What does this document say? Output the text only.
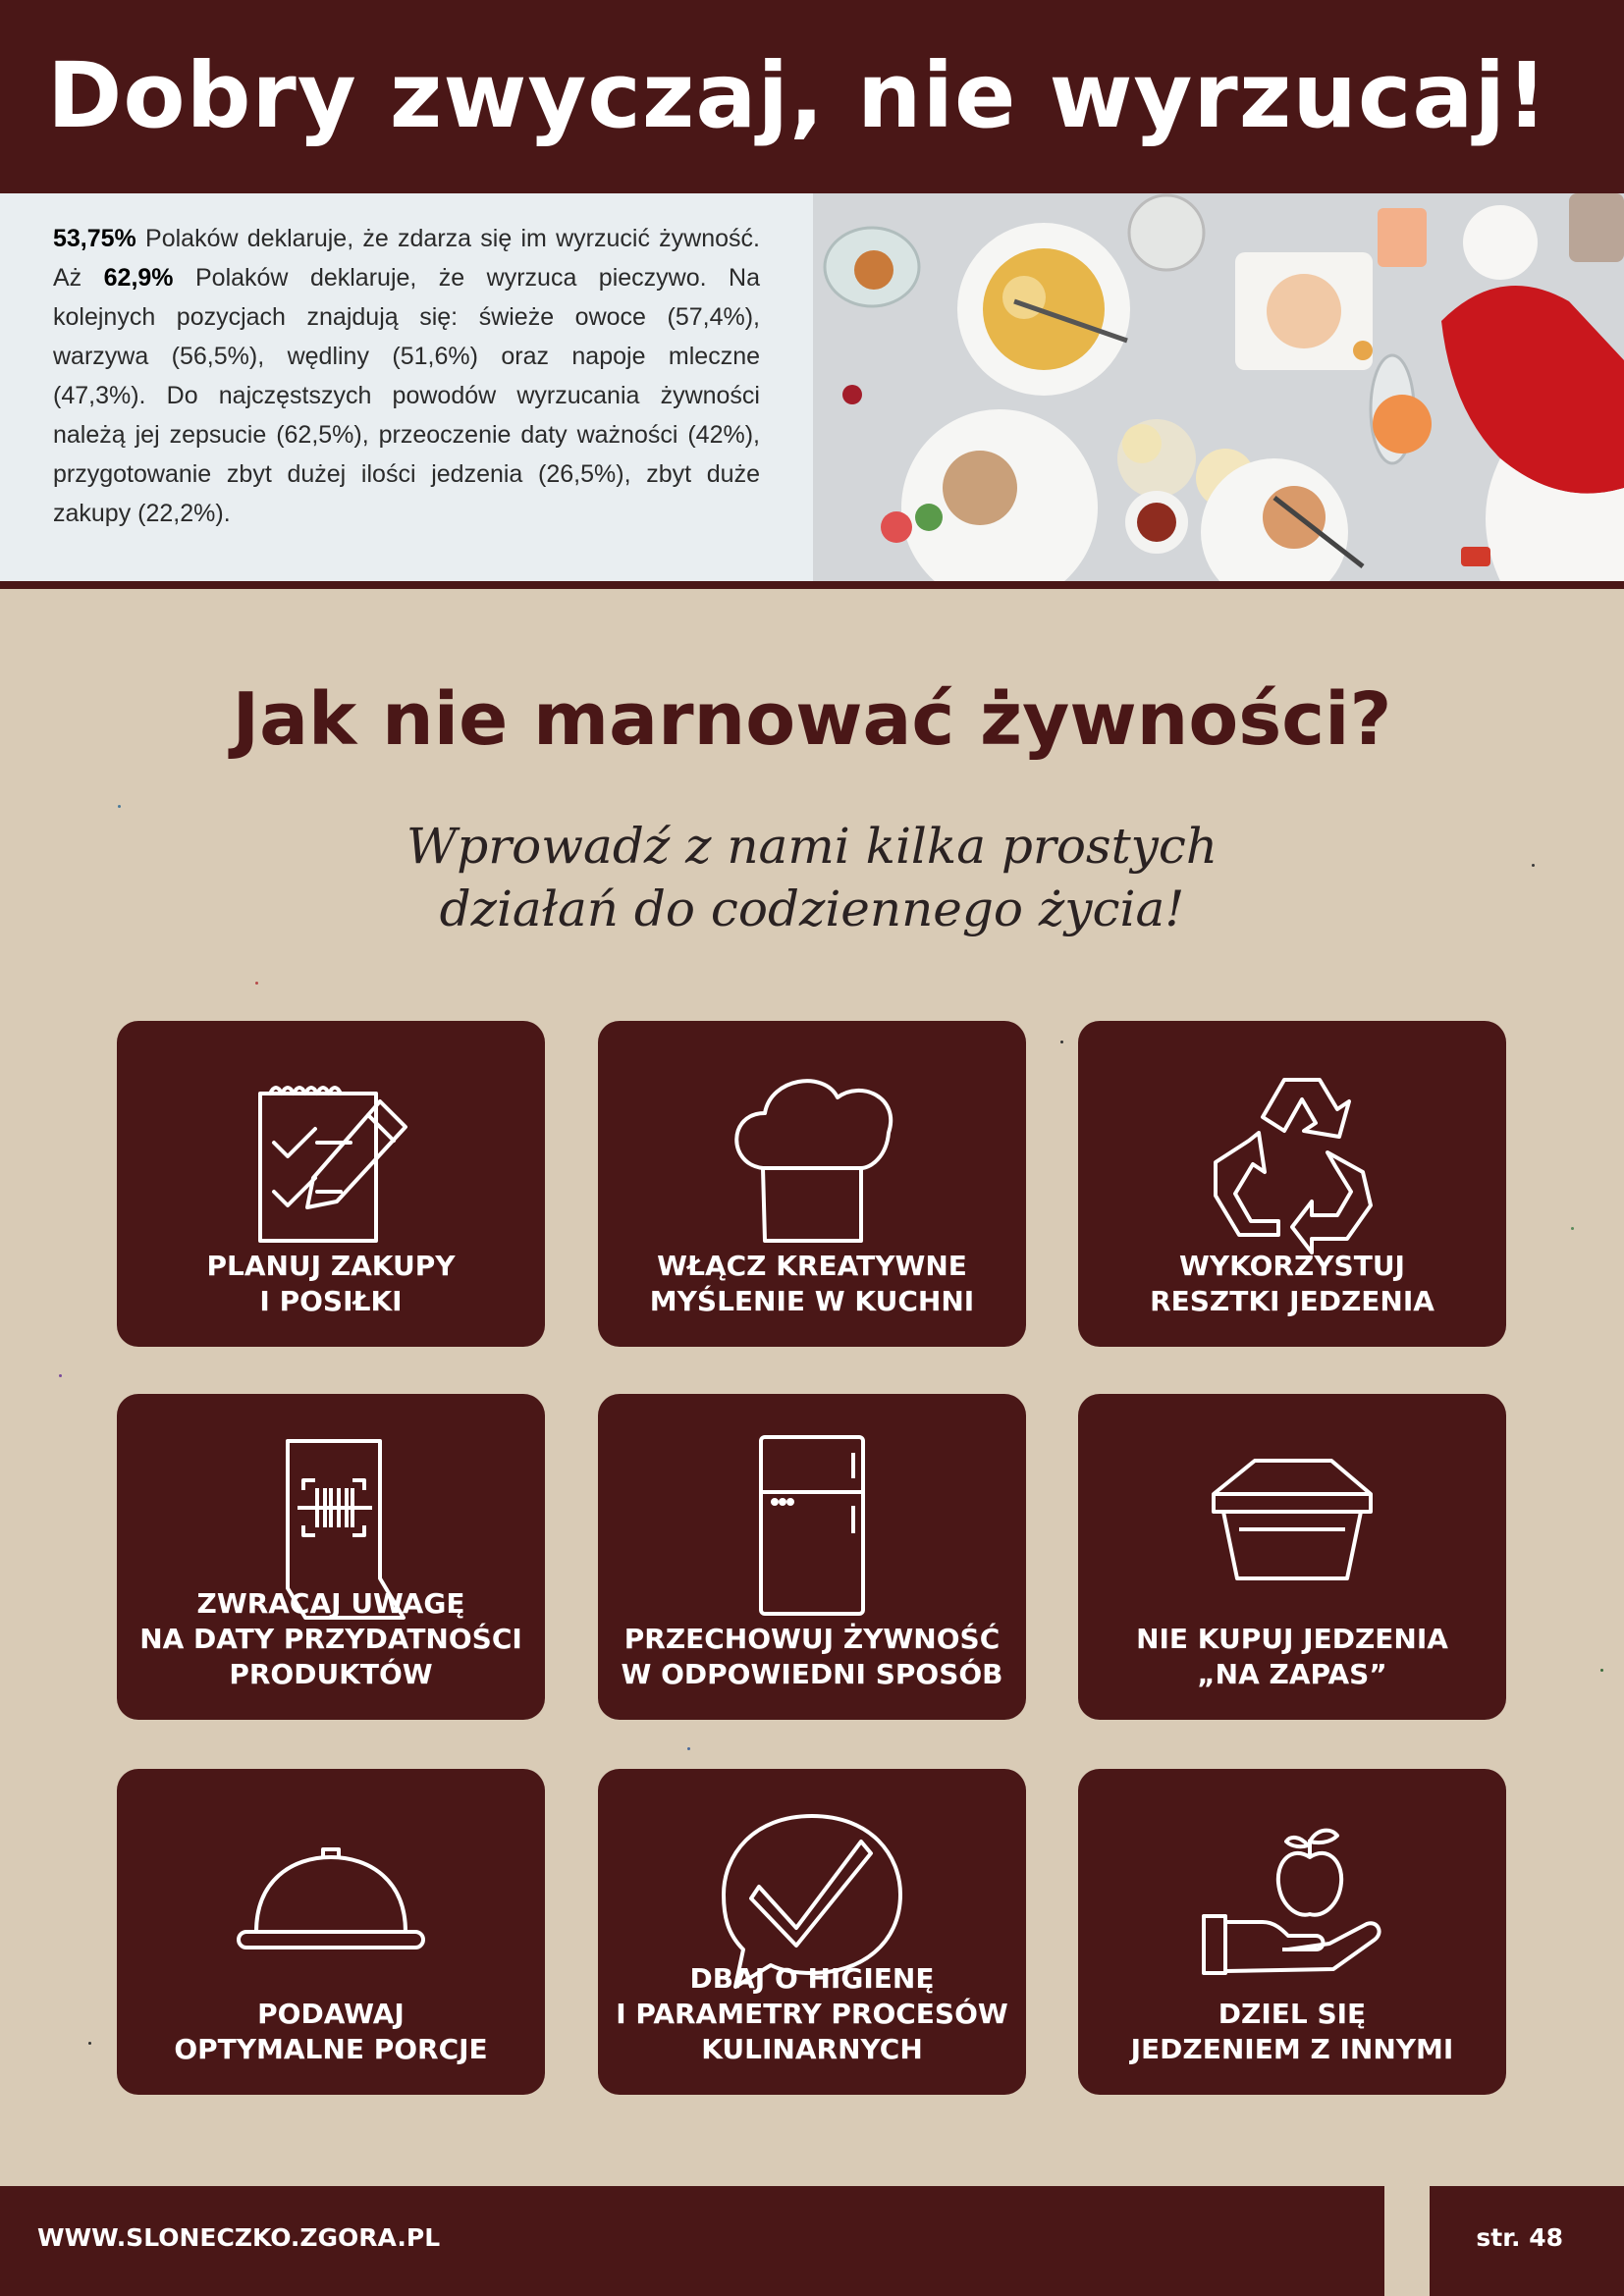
Dobry zwyczaj, nie wyrzucaj!

53,75% Polaków deklaruje, że zdarza się im wyrzucić żywność. Aż 62,9% Polaków deklaruje, że wyrzuca pieczywo. Na kolejnych pozycjach znajdują się: świeże owoce (57,4%), warzywa (56,5%), wędliny (51,6%) oraz napoje mleczne (47,3%). Do najczęstszych powodów wyrzucania żywności należą jej zepsucie (62,5%), przeoczenie daty ważności (42%), przygotowanie zbyt dużej ilości jedzenia (26,5%), zbyt duże zakupy (22,2%).

Jak nie marnować żywności?
Wprowadź z nami kilka prostych
działań do codziennego życia!
PLANUJ ZAKUPY
I POSIŁKI
WŁĄCZ KREATYWNE
MYŚLENIE W KUCHNI
WYKORZYSTUJ
RESZTKI JEDZENIA
ZWRACAJ UWAGĘ
NA DATY PRZYDATNOŚCI
PRODUKTÓW
PRZECHOWUJ ŻYWNOŚĆ
W ODPOWIEDNI SPOSÓB
NIE KUPUJ JEDZENIA
„NA ZAPAS”
PODAWAJ
OPTYMALNE PORCJE
DBAJ O HIGIENĘ
I PARAMETRY PROCESÓW
KULINARNYCH
DZIEL SIĘ
JEDZENIEM Z INNYMI
WWW.SLONECZKO.ZGORA.PL	str. 48
